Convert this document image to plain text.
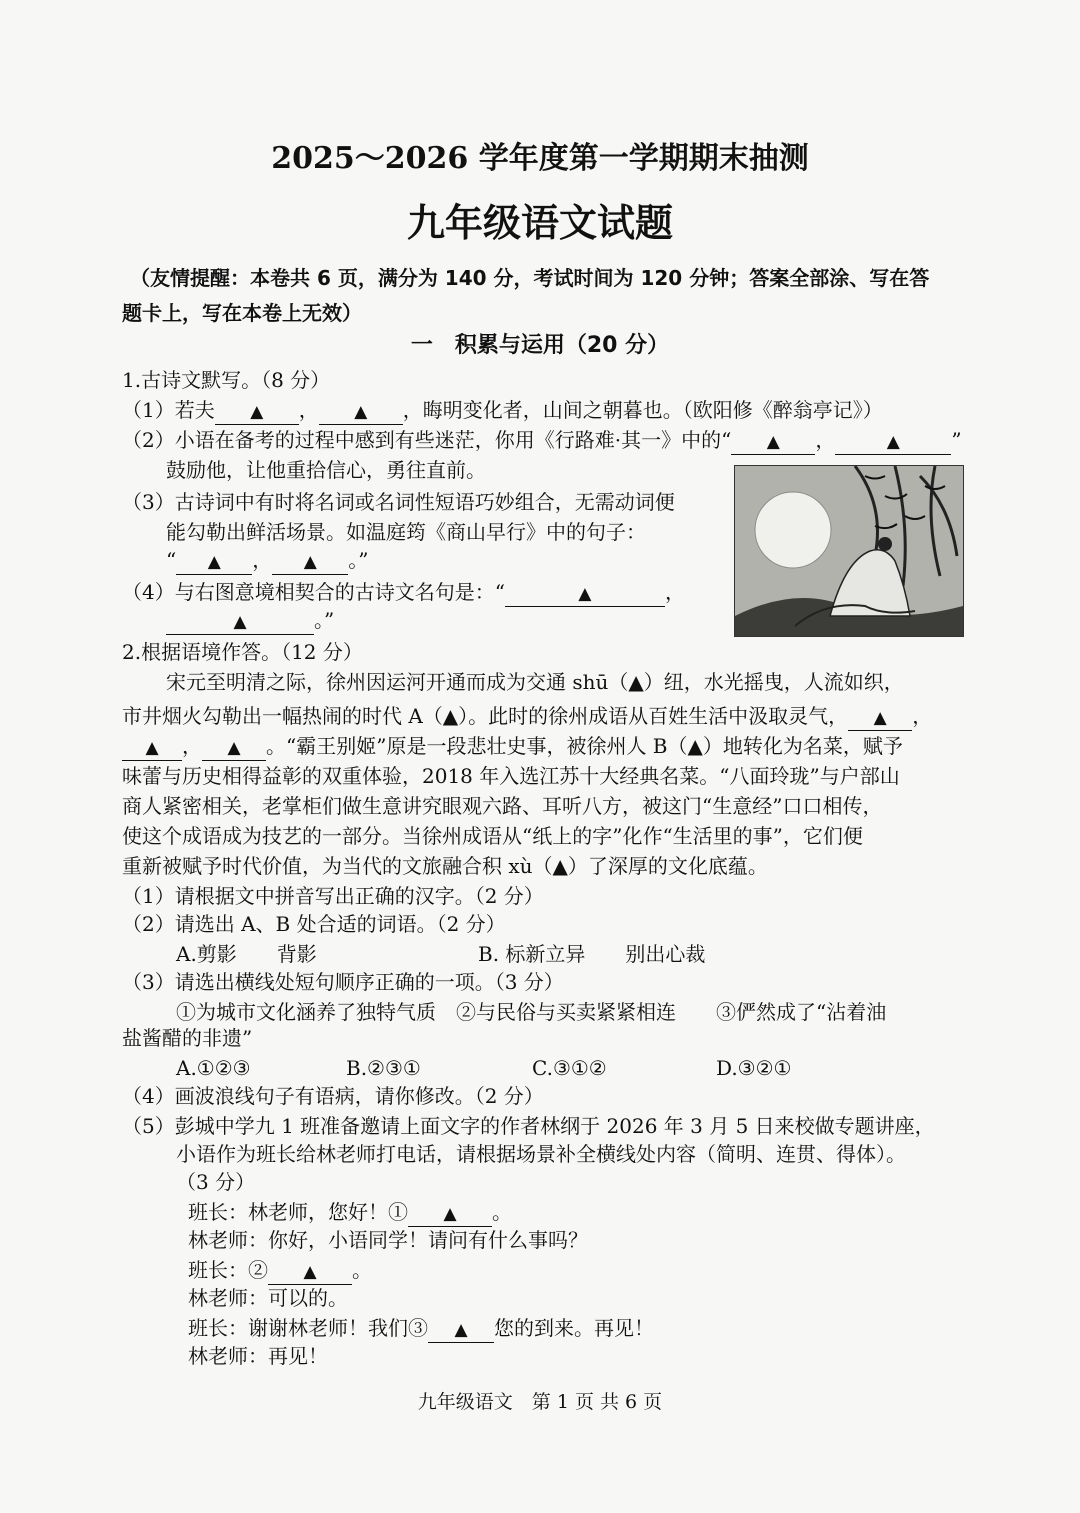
2025～2026 学年度第一学期期末抽测
九年级语文试题
（友情提醒：本卷共 6 页，满分为 140 分，考试时间为 120 分钟；答案全部涂、写在答
题卡上，写在本卷上无效）
一　积累与运用（20 分）
1.古诗文默写。（8 分）
（1）若夫 ▲ ， ▲ ，晦明变化者，山间之朝暮也。（欧阳修《醉翁亭记》）
（2）小语在备考的过程中感到有些迷茫，你用《行路难·其一》中的“ ▲ ，	▲	”
鼓励他，让他重拾信心，勇往直前。
（3）古诗词中有时将名词或名词性短语巧妙组合，无需动词便
能勾勒出鲜活场景。如温庭筠《商山早行》中的句子：
“ ▲ ， ▲ 。”
（4）与右图意境相契合的古诗文名句是：“	▲	，
▲	。”
2.根据语境作答。（12 分）
宋元至明清之际，徐州因运河开通而成为交通 shū（▲）纽，水光摇曳，人流如织，
市井烟火勾勒出一幅热闹的时代 A（▲）。此时的徐州成语从百姓生活中汲取灵气， ▲ ，
▲ ， ▲ 。“霸王别姬”原是一段悲壮史事，被徐州人 B（▲）地转化为名菜，赋予
味蕾与历史相得益彰的双重体验，2018 年入选江苏十大经典名菜。“八面玲珑”与户部山
商人紧密相关，老掌柜们做生意讲究眼观六路、耳听八方，被这门“生意经”口口相传，
使这个成语成为技艺的一部分。当徐州成语从“纸上的字”化作“生活里的事”，它们便
重新被赋予时代价值，为当代的文旅融合积 xù（▲）了深厚的文化底蕴。
（1）请根据文中拼音写出正确的汉字。（2 分）
（2）请选出 A、B 处合适的词语。（2 分）
A.剪影　　背影	B. 标新立异　　别出心裁
（3）请选出横线处短句顺序正确的一项。（3 分）
①为城市文化涵养了独特气质　②与民俗与买卖紧紧相连　　③俨然成了“沾着油
盐酱醋的非遗”
A.①②③	B.②③①	C.③①②	D.③②①
（4）画波浪线句子有语病，请你修改。（2 分）
（5）彭城中学九 1 班准备邀请上面文字的作者林纲于 2026 年 3 月 5 日来校做专题讲座，
小语作为班长给林老师打电话，请根据场景补全横线处内容（简明、连贯、得体）。
（3 分）
班长：林老师，您好！① ▲ 。
林老师：你好，小语同学！请问有什么事吗？
班长：② ▲ 。
林老师：可以的。
班长：谢谢林老师！我们③ ▲ 您的到来。再见！
林老师：再见！
九年级语文　第 1 页 共 6 页
